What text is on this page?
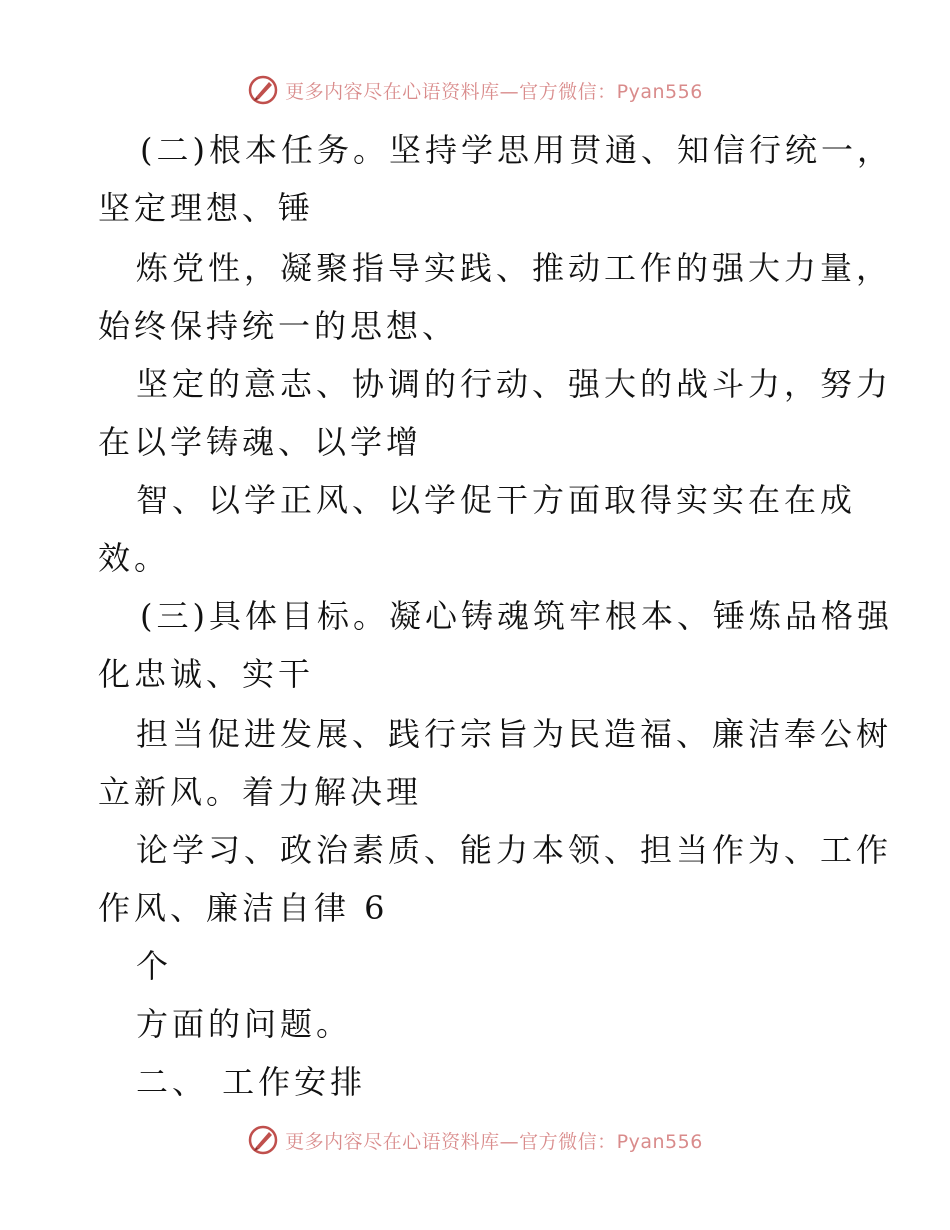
更多内容尽在心语资料库—官方微信：Pyan556
(二)根本任务。坚持学思用贯通、知信行统一，
坚定理想、锤
炼党性，凝聚指导实践、推动工作的强大力量，
始终保持统一的思想、
坚定的意志、协调的行动、强大的战斗力，努力
在以学铸魂、以学增
智、以学正风、以学促干方面取得实实在在成
效。
(三)具体目标。凝心铸魂筑牢根本、锤炼品格强
化忠诚、实干
担当促进发展、践行宗旨为民造福、廉洁奉公树
立新风。着力解决理
论学习、政治素质、能力本领、担当作为、工作
作风、廉洁自律 6
个
方面的问题。
二、 工作安排
更多内容尽在心语资料库—官方微信：Pyan556
